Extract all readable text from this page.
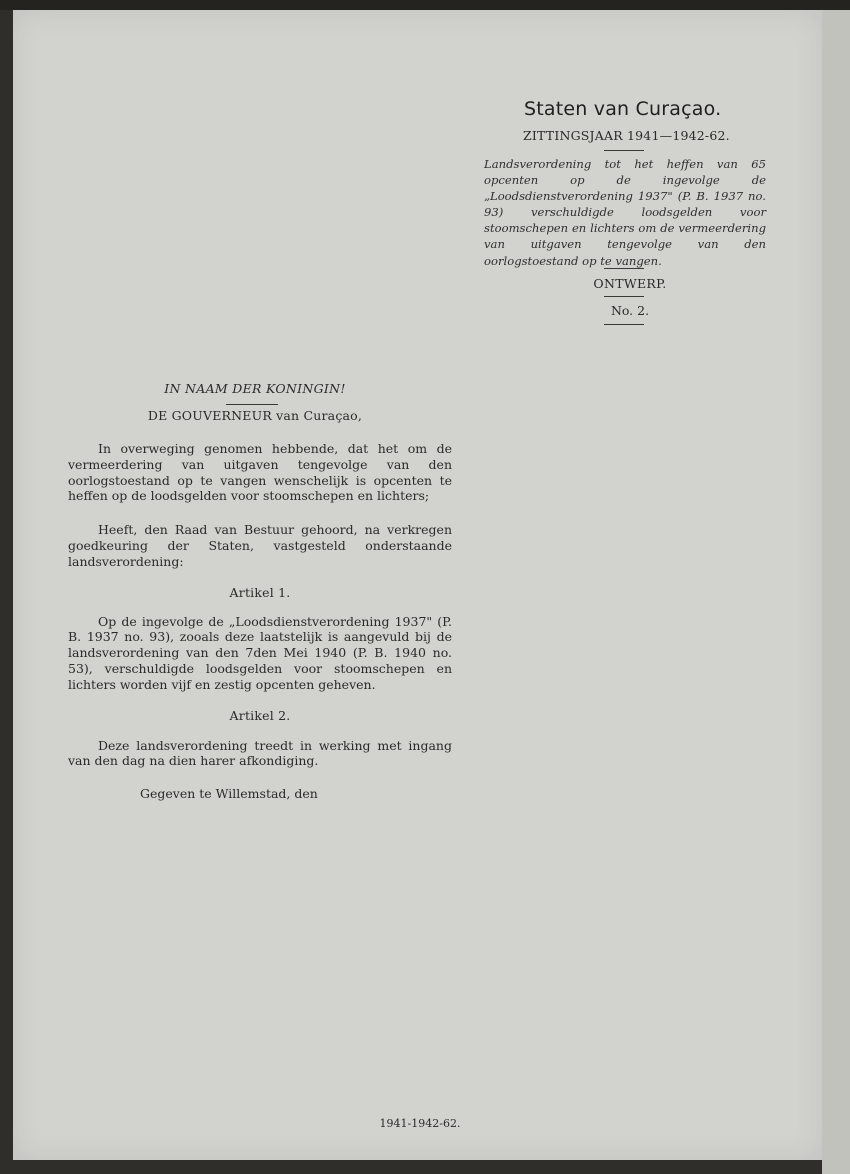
Staten van Curaçao.
ZITTINGSJAAR 1941—1942-62.
Landsverordening tot het heffen van 65 opcenten op de ingevolge de „Loodsdienstverordening 1937" (P. B. 1937 no. 93) verschuldigde loodsgelden voor stoomschepen en lichters om de vermeerdering van uitgaven tengevolge van den oorlogstoestand op te vangen.
ONTWERP.
No. 2.
IN NAAM DER KONINGIN!
DE GOUVERNEUR van Curaçao,
In overweging genomen hebbende, dat het om de vermeerdering van uitgaven tengevolge van den oorlogstoestand op te vangen wenschelijk is opcenten te heffen op de loodsgelden voor stoomschepen en lichters;
Heeft, den Raad van Bestuur gehoord, na verkregen goedkeuring der Staten, vastgesteld onderstaande landsverordening:
Artikel 1.
Op de ingevolge de „Loodsdienstverordening 1937" (P. B. 1937 no. 93), zooals deze laatstelijk is aangevuld bij de landsverordening van den 7den Mei 1940 (P. B. 1940 no. 53), verschuldigde loodsgelden voor stoomschepen en lichters worden vijf en zestig opcenten geheven.
Artikel 2.
Deze landsverordening treedt in werking met ingang van den dag na dien harer afkondiging.
Gegeven te Willemstad, den
1941-1942-62.
